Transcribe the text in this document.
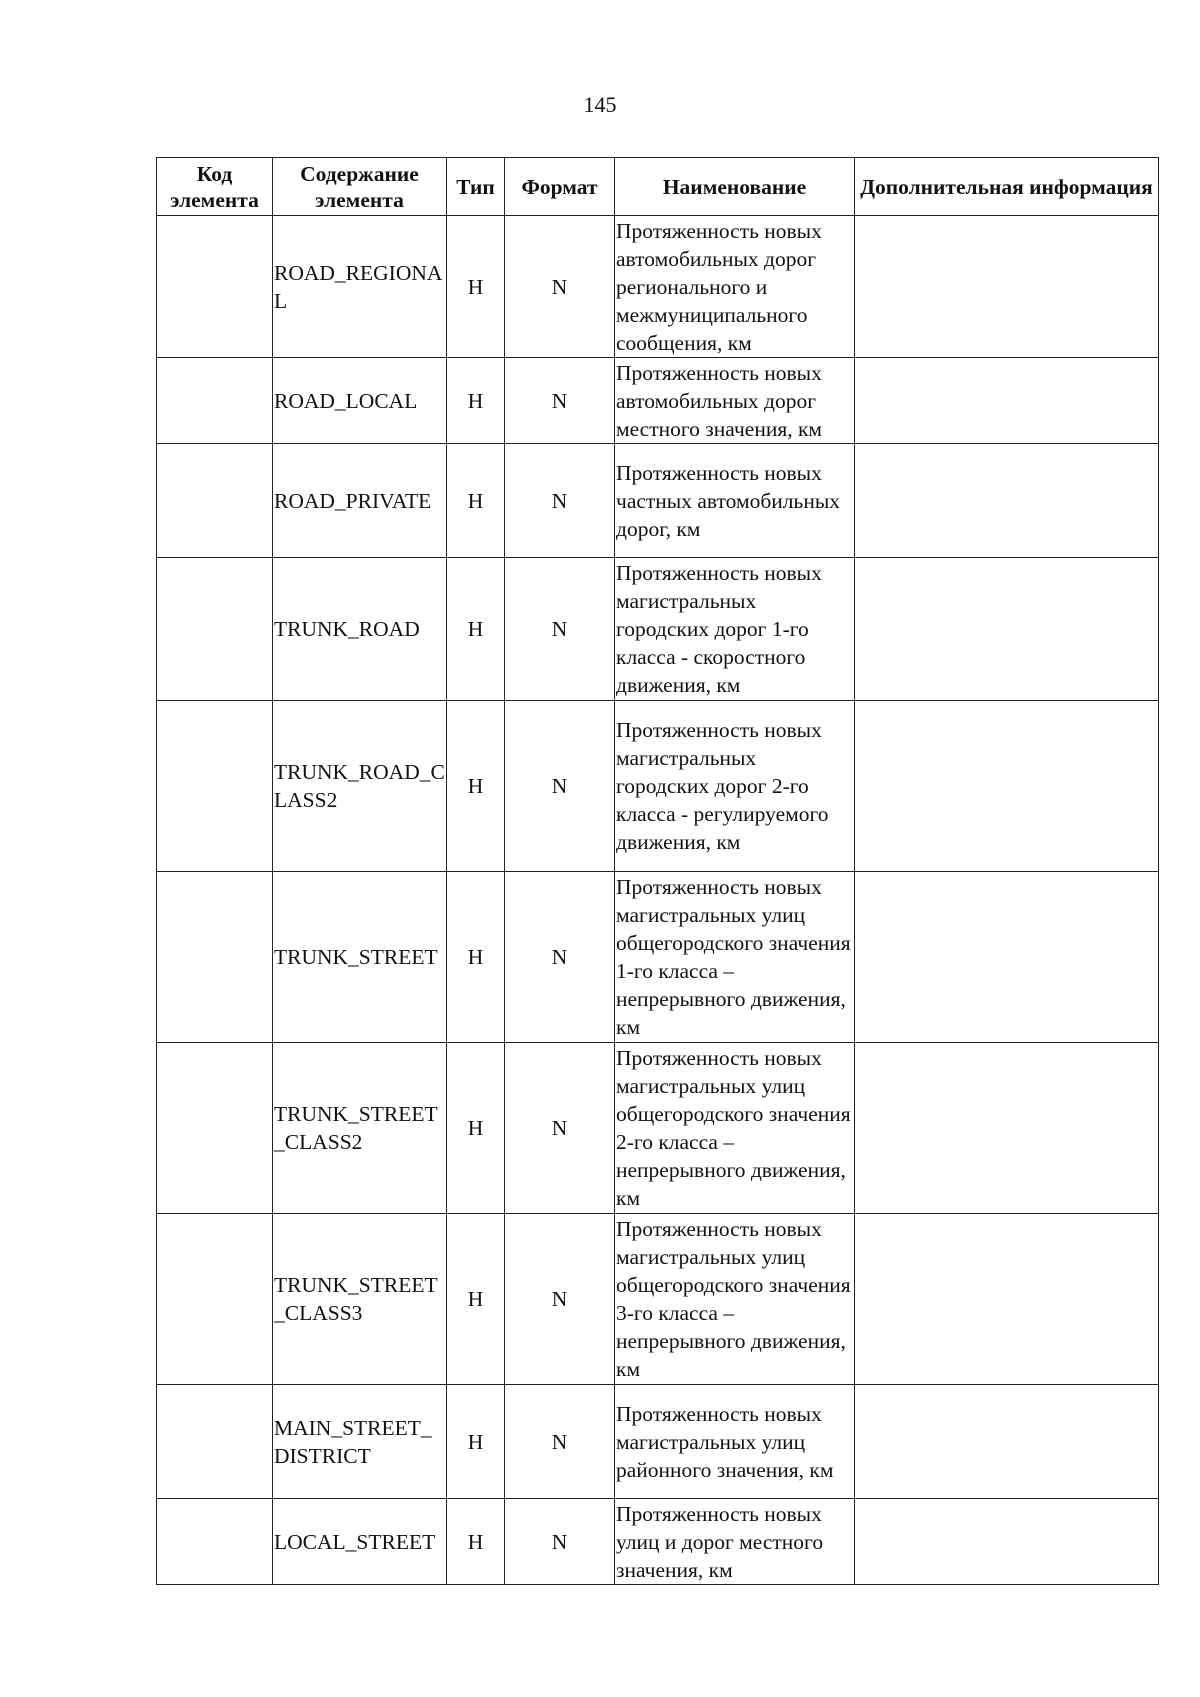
145
Код элемента	Содержание элемента	Тип	Формат	Наименование	Дополнительная информация
	ROAD_REGIONAL	Н	N	Протяженность новых автомобильных дорог регионального и межмуниципального сообщения, км	
	ROAD_LOCAL	Н	N	Протяженность новых автомобильных дорог местного значения, км	
	ROAD_PRIVATE	Н	N	Протяженность новых частных автомобильных дорог, км	
	TRUNK_ROAD	Н	N	Протяженность новых магистральных городских дорог 1-го класса - скоростного движения, км	
	TRUNK_ROAD_CLASS2	Н	N	Протяженность новых магистральных городских дорог 2-го класса - регулируемого движения, км	
	TRUNK_STREET	Н	N	Протяженность новых магистральных улиц общегородского значения 1-го класса – непрерывного движения, км	
	TRUNK_STREET_CLASS2	Н	N	Протяженность новых магистральных улиц общегородского значения 2-го класса – непрерывного движения, км	
	TRUNK_STREET_CLASS3	Н	N	Протяженность новых магистральных улиц общегородского значения 3-го класса – непрерывного движения, км	
	MAIN_STREET_DISTRICT	Н	N	Протяженность новых магистральных улиц районного значения, км	
	LOCAL_STREET	Н	N	Протяженность новых улиц и дорог местного значения, км	
